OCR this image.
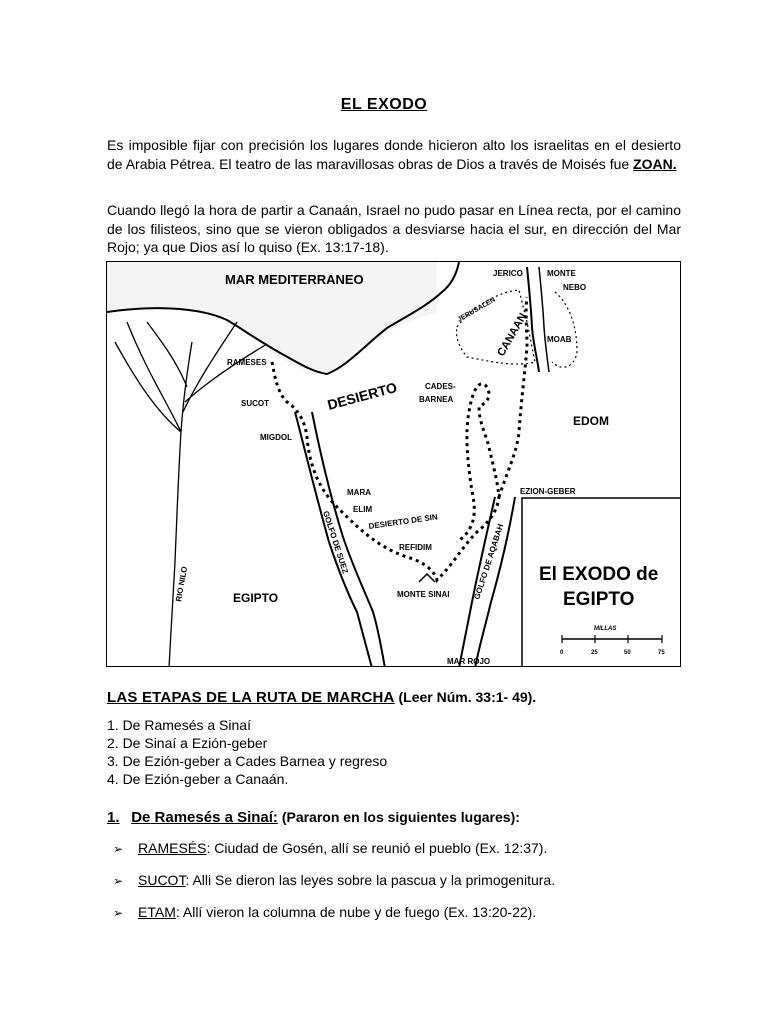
EL EXODO
Es imposible fijar con precisión los lugares donde hicieron alto los israelitas en el desierto de Arabia Pétrea. El teatro de las maravillosas obras de Dios a través de Moisés fue ZOAN.
Cuando llegó la hora de partir a Canaán, Israel no pudo pasar en Línea recta, por el camino de los filisteos, sino que se vieron obligados a desviarse hacia el sur, en dirección del Mar Rojo; ya que Dios así lo quiso (Ex. 13:17-18).
MAR MEDITERRANEO	JERICO	MONTE
NEBO
JERUSALEN
CANAAN MOAB
RAMESES
DESIERTO	CADES-
BARNEA
SUCOT
MIGDOL
EDOM
EZION-GEBER
MARA
ELIM
DESIERTO DE SIN
REFIDIM
GOLFO DE SUEZ	GOLFO DE AQABAH
RIO NILO	EGIPTO	MONTE SINAI
MAR ROJO
El EXODO de
EGIPTO
MILLAS
0	25	50	75
LAS ETAPAS DE LA RUTA DE MARCHA (Leer Núm. 33:1- 49).
1. De Ramesés a Sinaí
2. De Sinaí a Ezión-geber
3. De Ezión-geber a Cades Barnea y regreso
4. De Ezión-geber a Canaán.
1. De Ramesés a Sinaí: (Pararon en los siguientes lugares):
➢ RAMESÉS: Ciudad de Gosén, allí se reunió el pueblo (Ex. 12:37).
➢ SUCOT: Alli Se dieron las leyes sobre la pascua y la primogenitura.
➢ ETAM: Allí vieron la columna de nube y de fuego (Ex. 13:20-22).
